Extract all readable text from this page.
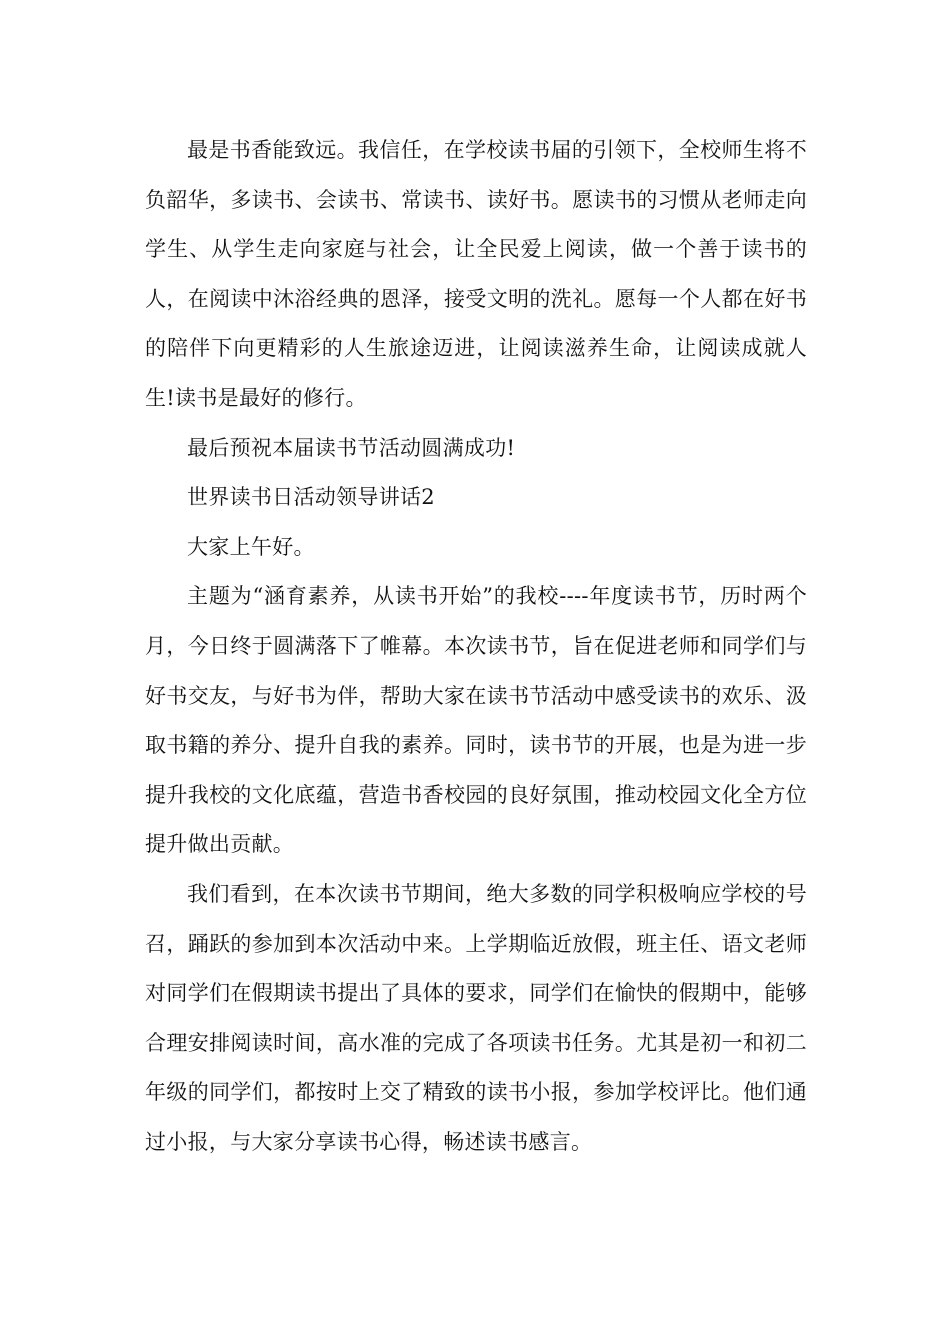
最是书香能致远。我信任，在学校读书届的引领下，全校师生将不负韶华，多读书、会读书、常读书、读好书。愿读书的习惯从老师走向学生、从学生走向家庭与社会，让全民爱上阅读，做一个善于读书的人，在阅读中沐浴经典的恩泽，接受文明的洗礼。愿每一个人都在好书的陪伴下向更精彩的人生旅途迈进，让阅读滋养生命，让阅读成就人生!读书是最好的修行。

最后预祝本届读书节活动圆满成功!

世界读书日活动领导讲话2

大家上午好。

主题为“涵育素养，从读书开始”的我校----年度读书节，历时两个月，今日终于圆满落下了帷幕。本次读书节，旨在促进老师和同学们与好书交友，与好书为伴，帮助大家在读书节活动中感受读书的欢乐、汲取书籍的养分、提升自我的素养。同时，读书节的开展，也是为进一步提升我校的文化底蕴，营造书香校园的良好氛围，推动校园文化全方位提升做出贡献。

我们看到，在本次读书节期间，绝大多数的同学积极响应学校的号召，踊跃的参加到本次活动中来。上学期临近放假，班主任、语文老师对同学们在假期读书提出了具体的要求，同学们在愉快的假期中，能够合理安排阅读时间，高水准的完成了各项读书任务。尤其是初一和初二年级的同学们，都按时上交了精致的读书小报，参加学校评比。他们通过小报，与大家分享读书心得，畅述读书感言。
